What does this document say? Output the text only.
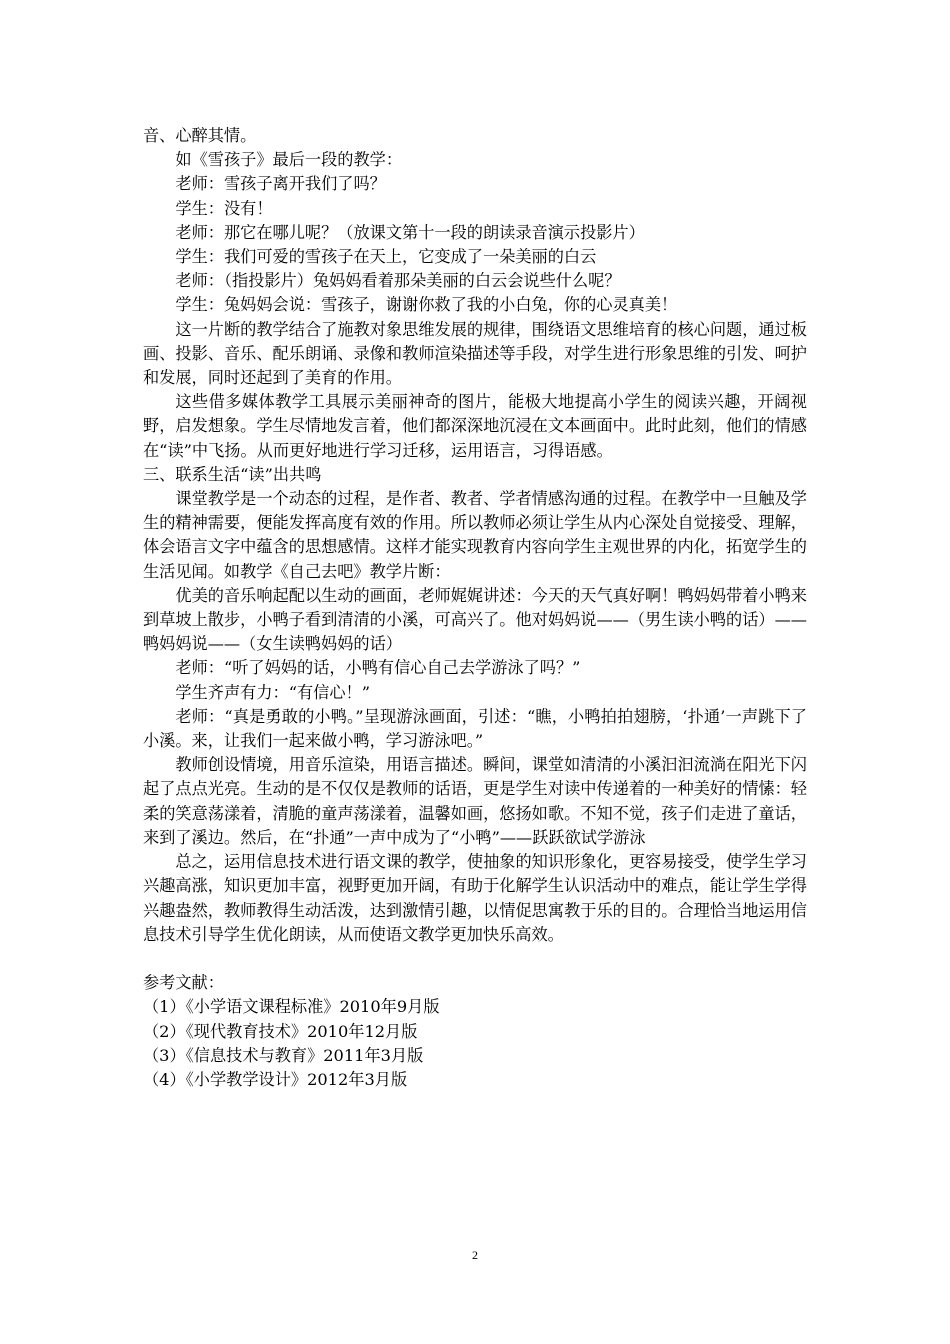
音、心醉其情。

如《雪孩子》最后一段的教学：

老师：雪孩子离开我们了吗？

学生：没有！

老师：那它在哪儿呢？（放课文第十一段的朗读录音演示投影片）

学生：我们可爱的雪孩子在天上，它变成了一朵美丽的白云

老师：（指投影片）兔妈妈看着那朵美丽的白云会说些什么呢？

学生：兔妈妈会说：雪孩子，谢谢你救了我的小白兔，你的心灵真美！

这一片断的教学结合了施教对象思维发展的规律，围绕语文思维培育的核心问题，通过板画、投影、音乐、配乐朗诵、录像和教师渲染描述等手段，对学生进行形象思维的引发、呵护和发展，同时还起到了美育的作用。

这些借多媒体教学工具展示美丽神奇的图片，能极大地提高小学生的阅读兴趣，开阔视野，启发想象。学生尽情地发言着，他们都深深地沉浸在文本画面中。此时此刻，他们的情感在“读”中飞扬。从而更好地进行学习迁移，运用语言，习得语感。

三、联系生活“读”出共鸣

课堂教学是一个动态的过程，是作者、教者、学者情感沟通的过程。在教学中一旦触及学生的精神需要，便能发挥高度有效的作用。所以教师必须让学生从内心深处自觉接受、理解，体会语言文字中蕴含的思想感情。这样才能实现教育内容向学生主观世界的内化，拓宽学生的生活见闻。如教学《自己去吧》教学片断：

优美的音乐响起配以生动的画面，老师娓娓讲述：今天的天气真好啊！鸭妈妈带着小鸭来到草坡上散步，小鸭子看到清清的小溪，可高兴了。他对妈妈说——（男生读小鸭的话）——鸭妈妈说——（女生读鸭妈妈的话）

老师：“听了妈妈的话，小鸭有信心自己去学游泳了吗？”

学生齐声有力：“有信心！”

老师：“真是勇敢的小鸭。”呈现游泳画面，引述：“瞧，小鸭拍拍翅膀，‘扑通’一声跳下了小溪。来，让我们一起来做小鸭，学习游泳吧。”

教师创设情境，用音乐渲染，用语言描述。瞬间，课堂如清清的小溪汩汩流淌在阳光下闪起了点点光亮。生动的是不仅仅是教师的话语，更是学生对读中传递着的一种美好的情愫：轻柔的笑意荡漾着，清脆的童声荡漾着，温馨如画，悠扬如歌。不知不觉，孩子们走进了童话，来到了溪边。然后，在“扑通”一声中成为了“小鸭”——跃跃欲试学游泳

总之，运用信息技术进行语文课的教学，使抽象的知识形象化，更容易接受，使学生学习兴趣高涨，知识更加丰富，视野更加开阔，有助于化解学生认识活动中的难点，能让学生学得兴趣盎然，教师教得生动活泼，达到激情引趣，以情促思寓教于乐的目的。合理恰当地运用信息技术引导学生优化朗读，从而使语文教学更加快乐高效。

参考文献：

（1）《小学语文课程标准》2010年9月版

（2）《现代教育技术》2010年12月版

（3）《信息技术与教育》2011年3月版

（4）《小学教学设计》2012年3月版

2
